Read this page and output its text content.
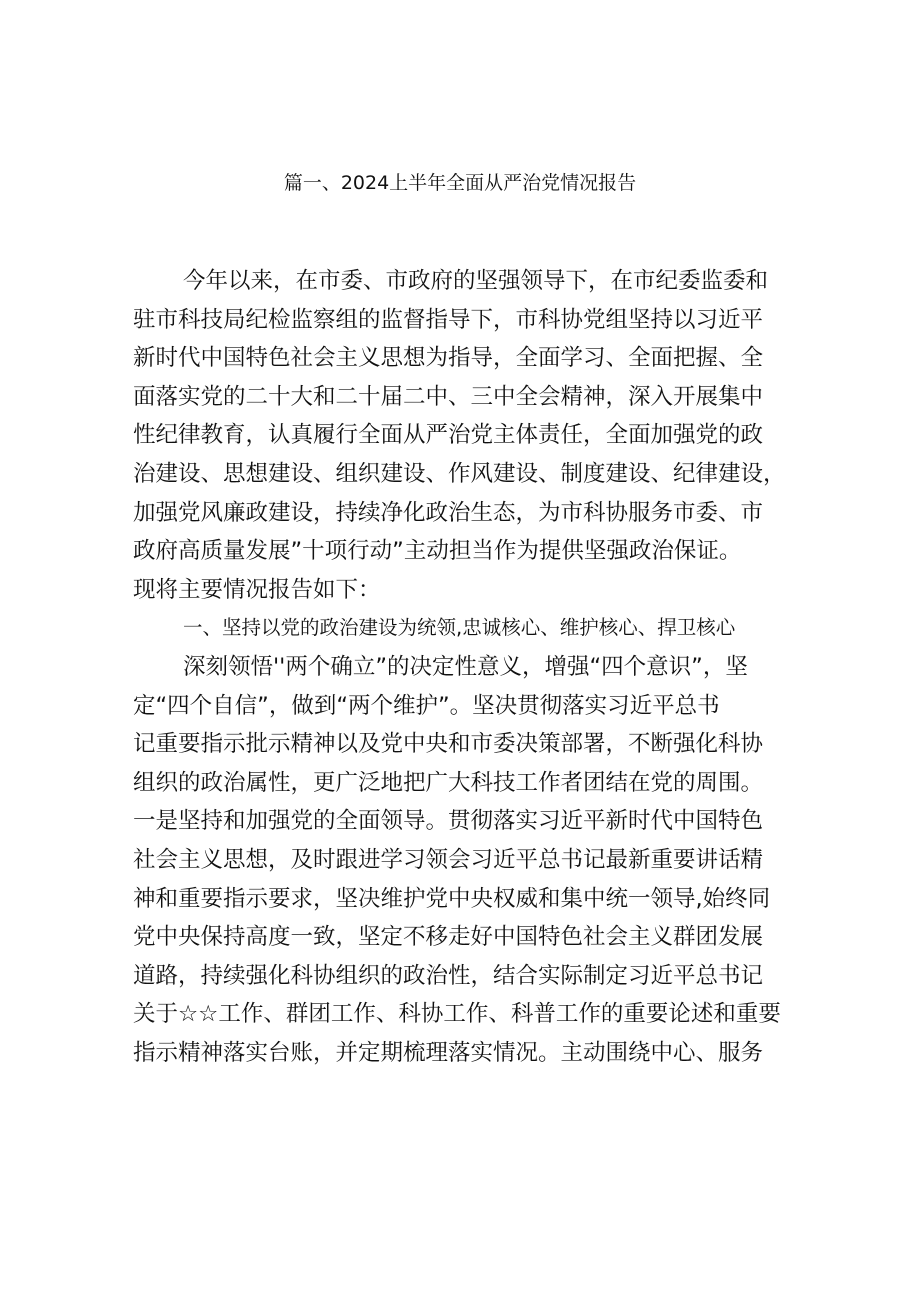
篇一、2024上半年全面从严治党情况报告
今年以来，在市委、市政府的坚强领导下，在市纪委监委和
驻市科技局纪检监察组的监督指导下，市科协党组坚持以习近平
新时代中国特色社会主义思想为指导，全面学习、全面把握、全
面落实党的二十大和二十届二中、三中全会精神，深入开展集中
性纪律教育，认真履行全面从严治党主体责任，全面加强党的政
治建设、思想建设、组织建设、作风建设、制度建设、纪律建设，
加强党风廉政建设，持续净化政治生态，为市科协服务市委、市
政府高质量发展”十项行动”主动担当作为提供坚强政治保证。
现将主要情况报告如下：
一、坚持以党的政治建设为统领,忠诚核心、维护核心、捍卫核心
深刻领悟''两个确立”的决定性意义，增强“四个意识”，坚
定“四个自信”，做到“两个维护”。坚决贯彻落实习近平总书
记重要指示批示精神以及党中央和市委决策部署，不断强化科协
组织的政治属性，更广泛地把广大科技工作者团结在党的周围。
一是坚持和加强党的全面领导。贯彻落实习近平新时代中国特色
社会主义思想，及时跟进学习领会习近平总书记最新重要讲话精
神和重要指示要求，坚决维护党中央权威和集中统一领导,始终同
党中央保持高度一致，坚定不移走好中国特色社会主义群团发展
道路，持续强化科协组织的政治性，结合实际制定习近平总书记
关于☆☆工作、群团工作、科协工作、科普工作的重要论述和重要
指示精神落实台账，并定期梳理落实情况。主动围绕中心、服务
